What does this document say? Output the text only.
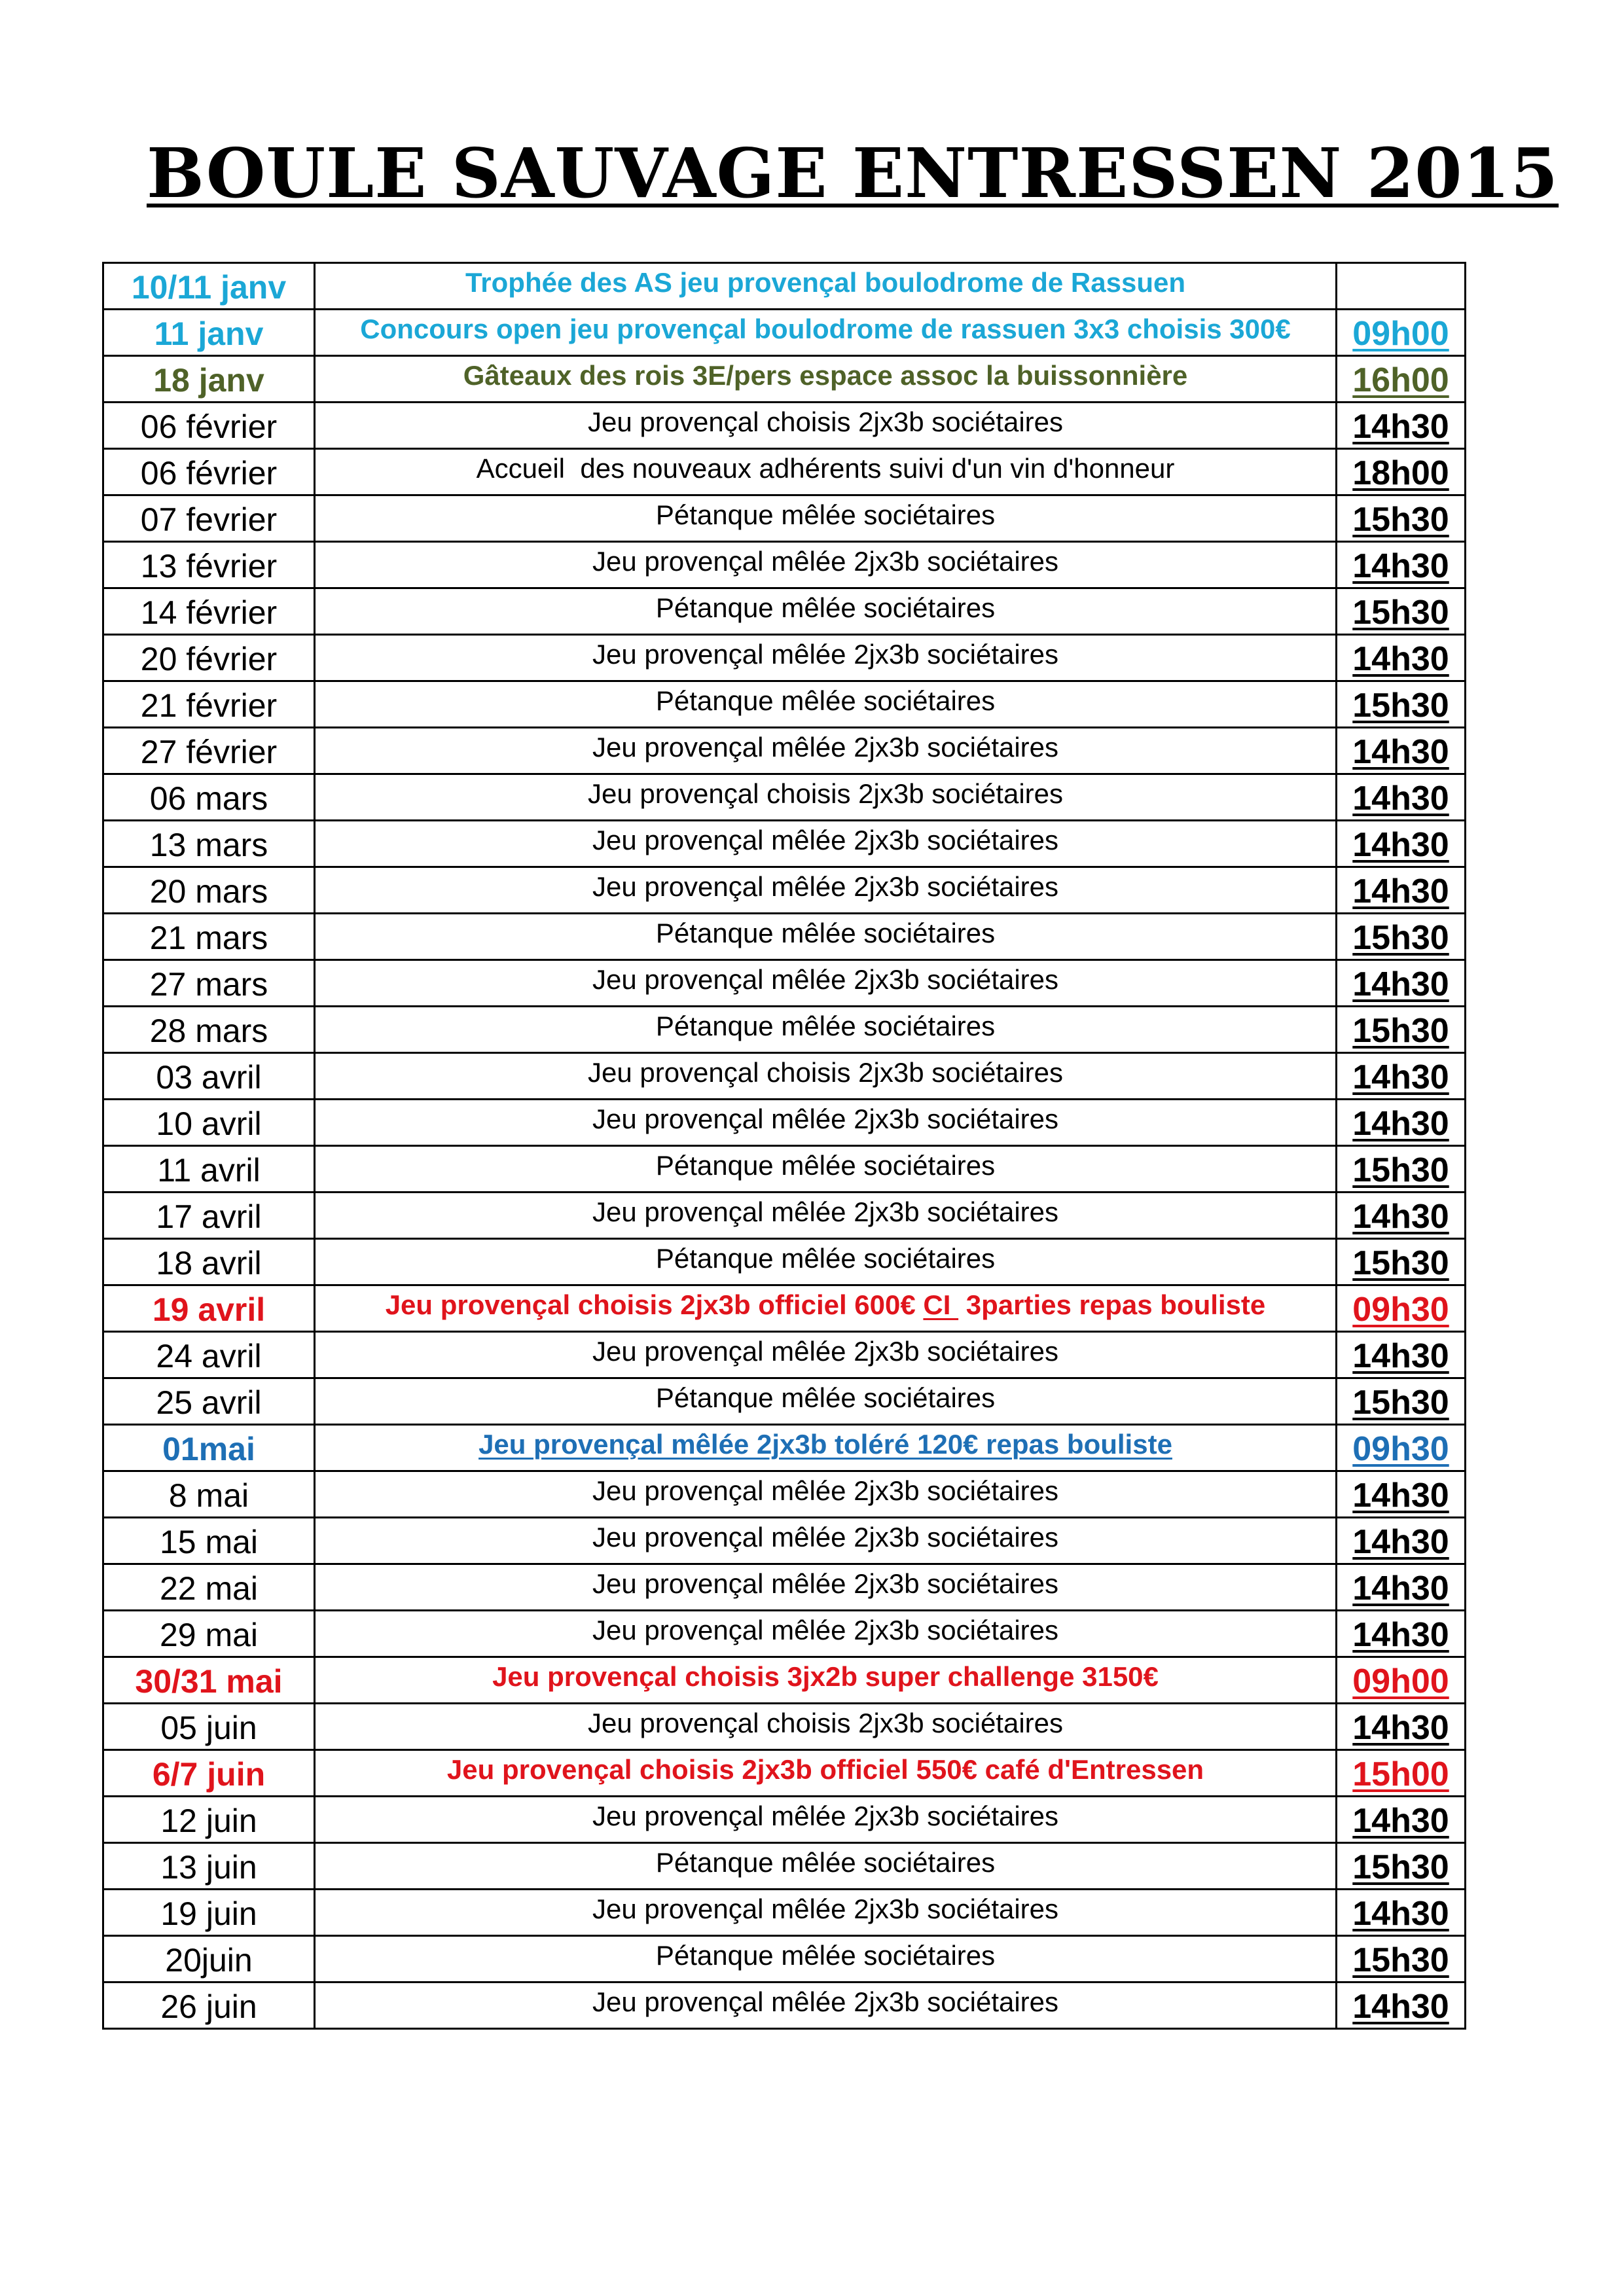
BOULE SAUVAGE ENTRESSEN 2015
10/11 janv	Trophée des AS jeu provençal boulodrome de Rassuen	
11 janv	Concours open jeu provençal boulodrome de rassuen 3x3 choisis 300€	09h00
18 janv	Gâteaux des rois 3E/pers espace assoc la buissonnière	16h00
06 février	Jeu provençal choisis 2jx3b sociétaires	14h30
06 février	Accueil  des nouveaux adhérents suivi d'un vin d'honneur	18h00
07 fevrier	Pétanque mêlée sociétaires	15h30
13 février	Jeu provençal mêlée 2jx3b sociétaires	14h30
14 février	Pétanque mêlée sociétaires	15h30
20 février	Jeu provençal mêlée 2jx3b sociétaires	14h30
21 février	Pétanque mêlée sociétaires	15h30
27 février	Jeu provençal mêlée 2jx3b sociétaires	14h30
06 mars	Jeu provençal choisis 2jx3b sociétaires	14h30
13 mars	Jeu provençal mêlée 2jx3b sociétaires	14h30
20 mars	Jeu provençal mêlée 2jx3b sociétaires	14h30
21 mars	Pétanque mêlée sociétaires	15h30
27 mars	Jeu provençal mêlée 2jx3b sociétaires	14h30
28 mars	Pétanque mêlée sociétaires	15h30
03 avril	Jeu provençal choisis 2jx3b sociétaires	14h30
10 avril	Jeu provençal mêlée 2jx3b sociétaires	14h30
11 avril	Pétanque mêlée sociétaires	15h30
17 avril	Jeu provençal mêlée 2jx3b sociétaires	14h30
18 avril	Pétanque mêlée sociétaires	15h30
19 avril	Jeu provençal choisis 2jx3b officiel 600€ CI  3parties repas bouliste	09h30
24 avril	Jeu provençal mêlée 2jx3b sociétaires	14h30
25 avril	Pétanque mêlée sociétaires	15h30
01mai	Jeu provençal mêlée 2jx3b toléré 120€ repas bouliste	09h30
8 mai	Jeu provençal mêlée 2jx3b sociétaires	14h30
15 mai	Jeu provençal mêlée 2jx3b sociétaires	14h30
22 mai	Jeu provençal mêlée 2jx3b sociétaires	14h30
29 mai	Jeu provençal mêlée 2jx3b sociétaires	14h30
30/31 mai	Jeu provençal choisis 3jx2b super challenge 3150€	09h00
05 juin	Jeu provençal choisis 2jx3b sociétaires	14h30
6/7 juin	Jeu provençal choisis 2jx3b officiel 550€ café d'Entressen	15h00
12 juin	Jeu provençal mêlée 2jx3b sociétaires	14h30
13 juin	Pétanque mêlée sociétaires	15h30
19 juin	Jeu provençal mêlée 2jx3b sociétaires	14h30
20juin	Pétanque mêlée sociétaires	15h30
26 juin	Jeu provençal mêlée 2jx3b sociétaires	14h30
